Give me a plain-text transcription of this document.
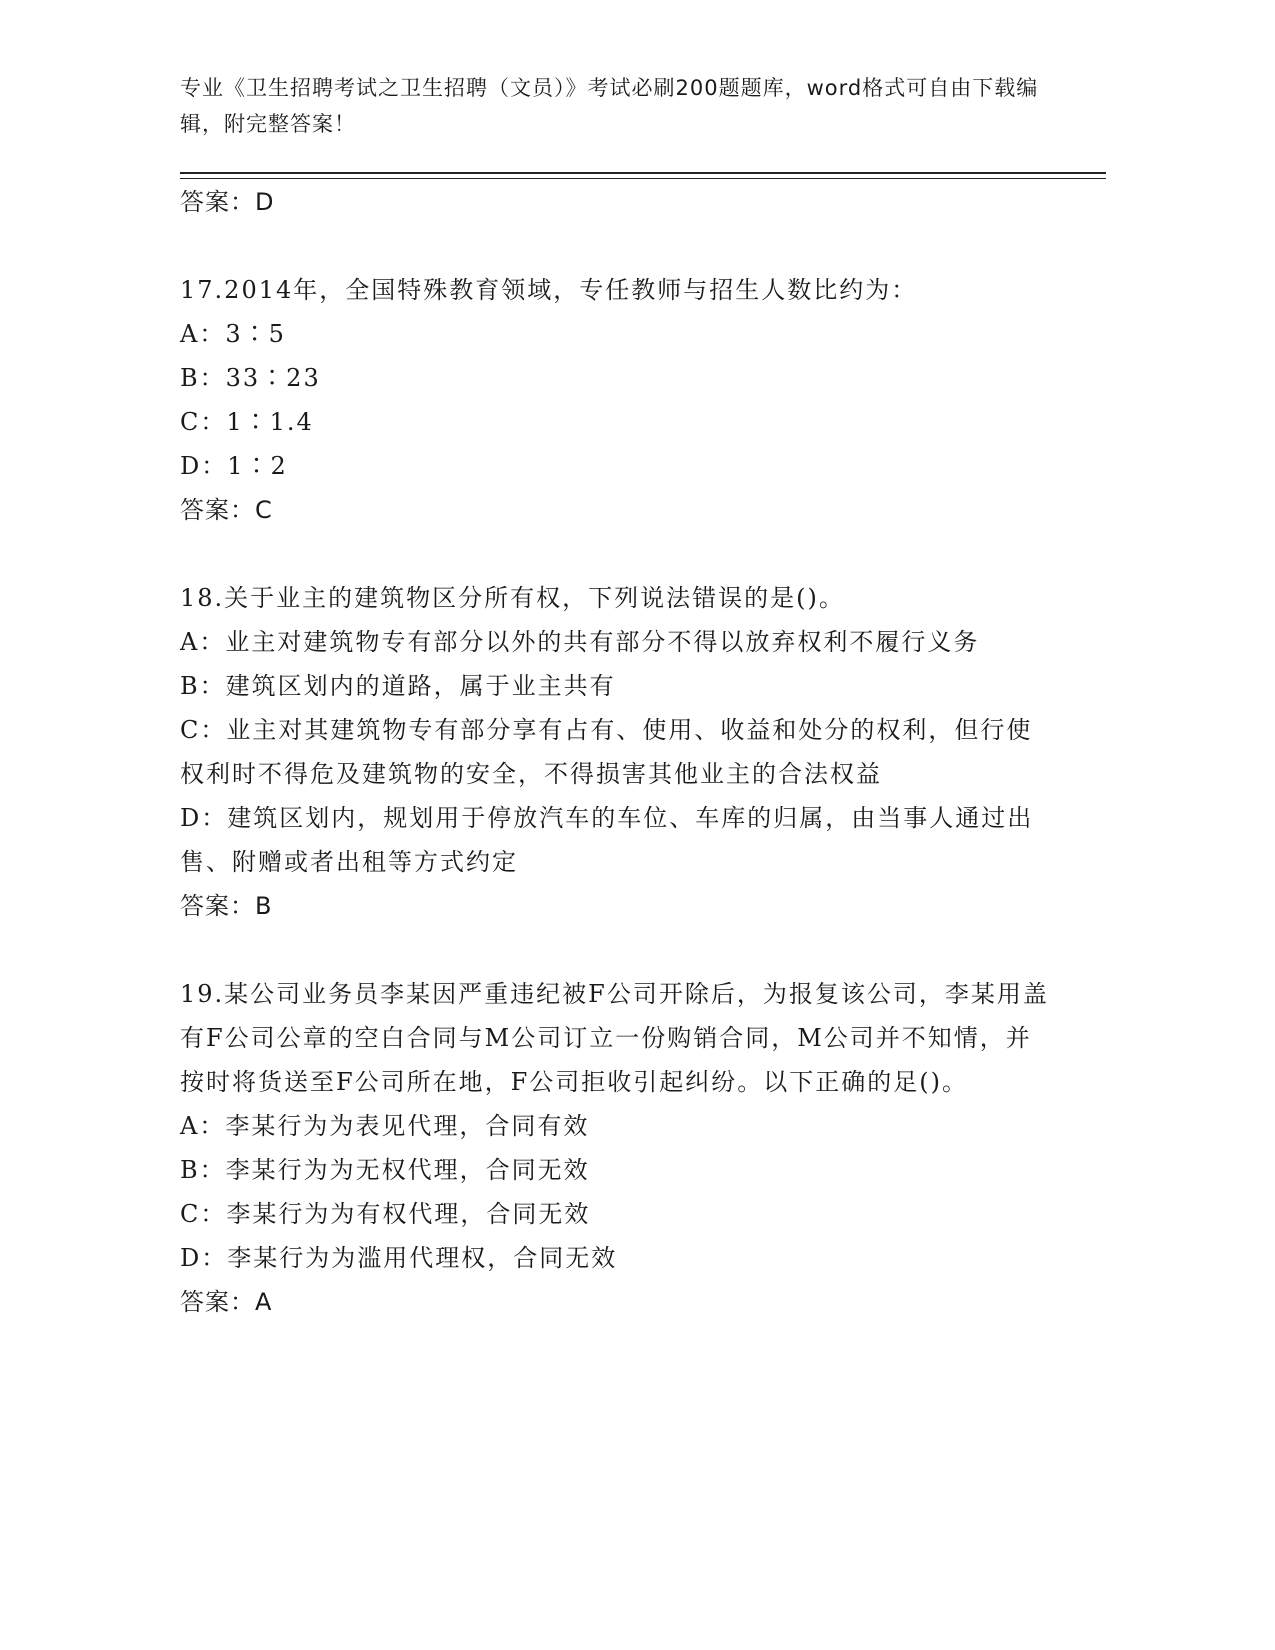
专业《卫生招聘考试之卫生招聘（文员）》考试必刷200题题库，word格式可自由下载编辑，附完整答案！
答案：D
17.2014年，全国特殊教育领域，专任教师与招生人数比约为：
A：3∶5
B：33∶23
C：1∶1.4
D：1∶2
答案：C
18.关于业主的建筑物区分所有权，下列说法错误的是()。
A：业主对建筑物专有部分以外的共有部分不得以放弃权利不履行义务
B：建筑区划内的道路，属于业主共有
C：业主对其建筑物专有部分享有占有、使用、收益和处分的权利，但行使权利时不得危及建筑物的安全，不得损害其他业主的合法权益
D：建筑区划内，规划用于停放汽车的车位、车库的归属，由当事人通过出售、附赠或者出租等方式约定
答案：B
19.某公司业务员李某因严重违纪被F公司开除后，为报复该公司，李某用盖有F公司公章的空白合同与M公司订立一份购销合同，M公司并不知情，并按时将货送至F公司所在地，F公司拒收引起纠纷。以下正确的足()。
A：李某行为为表见代理，合同有效
B：李某行为为无权代理，合同无效
C：李某行为为有权代理，合同无效
D：李某行为为滥用代理权，合同无效
答案：A
